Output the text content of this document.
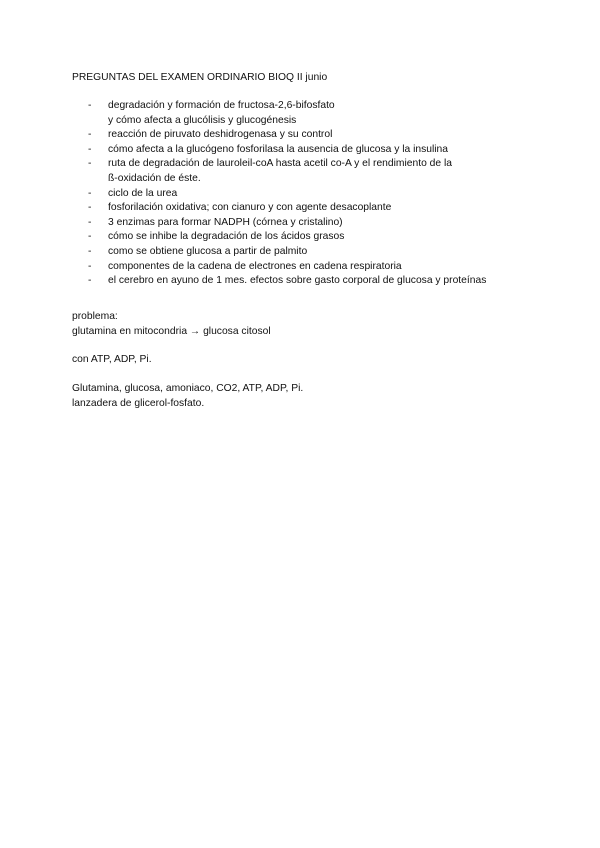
PREGUNTAS DEL EXAMEN ORDINARIO BIOQ II junio
- degradación y formación de fructosa-2,6-bifosfato
y cómo afecta a glucólisis y glucogénesis
- reacción de piruvato deshidrogenasa y su control
- cómo afecta a la glucógeno fosforilasa la ausencia de glucosa y la insulina
- ruta de degradación de lauroleil-coA hasta acetil co-A y el rendimiento de la
ß-oxidación de éste.
- ciclo de la urea
- fosforilación oxidativa; con cianuro y con agente desacoplante
- 3 enzimas para formar NADPH (córnea y cristalino)
- cómo se inhibe la degradación de los ácidos grasos
- como se obtiene glucosa a partir de palmito
- componentes de la cadena de electrones en cadena respiratoria
- el cerebro en ayuno de 1 mes. efectos sobre gasto corporal de glucosa y proteínas
problema:
glutamina en mitocondria → glucosa citosol
con ATP, ADP, Pi.
Glutamina, glucosa, amoniaco, CO2, ATP, ADP, Pi.
lanzadera de glicerol-fosfato.
